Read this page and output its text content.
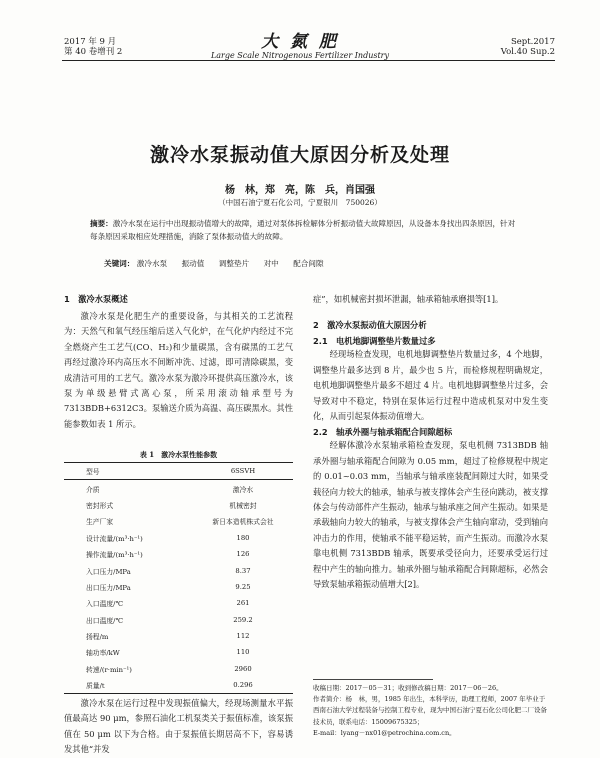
2017 年 9 月
第 40 卷增刊 2	大 氮 肥
Large Scale Nitrogenous Fertilizer Industry
Sept.2017
Vol.40 Sup.2
激冷水泵振动值大原因分析及处理
杨　林，郑　亮，陈　兵，肖国强
（中国石油宁夏石化公司，宁夏银川　750026）
摘要：激冷水泵在运行中出现振动值增大的故障，通过对泵体拆检解体分析振动值大故障原因，从设备本身找出四条原因，针对每条原因采取相应处理措施，消除了泵体振动值大的故障。
关键词： 激冷水泵 振动值 调整垫片 对中 配合间隙
1　激冷水泵概述
激冷水泵是化肥生产的重要设备，与其相关的工艺流程为：天然气和氧气经压缩后送入气化炉，在气化炉内经过不完全燃烧产生工艺气(CO、H₂)和少量碳黑，含有碳黑的工艺气再经过激冷环内高压水不间断冲洗、过滤，即可清除碳黑，变成清洁可用的工艺气。激冷水泵为激冷环提供高压激冷水，该泵为单级悬臂式离心泵，所采用滚动轴承型号为 7313BDB+6312C3。泵输送介质为高温、高压碳黑水。其性能参数如表 1 所示。
表 1　激冷水泵性能参数
型号	6SSVH
介质	激冷水
密封形式	机械密封
生产厂家	新日本造机株式会社
设计流量/(m³·h⁻¹)	180
操作流量/(m³·h⁻¹)	126
入口压力/MPa	8.37
出口压力/MPa	9.25
入口温度/℃	261
出口温度/℃	259.2
扬程/m	112
轴功率/kW	110
转速/(r·min⁻¹)	2960
质量/t	0.296
激冷水泵在运行过程中发现振值偏大，经现场测量水平振值最高达 90 μm，参照石油化工机泵类关于振值标准，该泵振值在 50 μm 以下为合格。由于泵振值长期居高不下，容易诱发其他“并发
症”，如机械密封损坏泄漏，轴承箱轴承磨损等[1]。
2　激冷水泵振动值大原因分析
2.1　电机地脚调整垫片数量过多
经现场检查发现，电机地脚调整垫片数量过多，4 个地脚，调整垫片最多达到 8 片，最少也 5 片，而检修规程明确规定，电机地脚调整垫片最多不超过 4 片。电机地脚调整垫片过多，会导致对中不稳定，特别在泵体运行过程中造成机泵对中发生变化，从而引起泵体振动值增大。
2.2　轴承外圈与轴承箱配合间隙超标
经解体激冷水泵轴承箱检查发现，泵电机侧 7313BDB 轴承外圈与轴承箱配合间隙为 0.05 mm，超过了检修规程中规定的 0.01~0.03 mm，当轴承与轴承座装配间隙过大时，如果受载径向力较大的轴承，轴承与被支撑体会产生径向跳动，被支撑体会与传动部件产生振动，轴承与轴承座之间产生振动。如果是承载轴向力较大的轴承，与被支撑体会产生轴向窜动，受到轴向冲击力的作用，使轴承不能平稳运转，而产生振动。而激冷水泵靠电机侧 7313BDB 轴承，既要承受径向力，还要承受运行过程中产生的轴向推力。轴承外圈与轴承箱配合间隙超标，必然会导致泵轴承箱振动值增大[2]。
收稿日期：2017－05－31；收到修改稿日期：2017－06－26。
作者简介：杨　林，男，1985 年出生，本科学历，助理工程师，2007 年毕业于西南石油大学过程装备与控制工程专业，现为中国石油宁夏石化公司化肥二厂设备技术员，联系电话：15009675325；
E-mail：lyang－nx01@petrochina.com.cn。
